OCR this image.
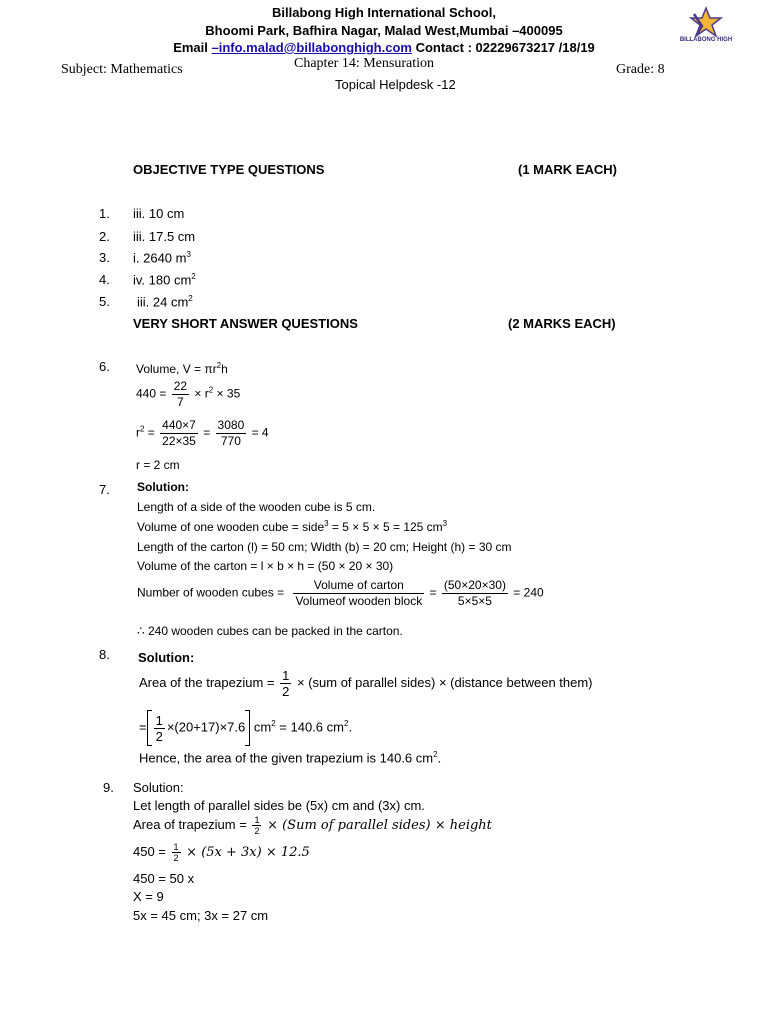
BILLABONG HIGH
Billabong High International School,
Bhoomi Park, Bafhira Nagar, Malad West,Mumbai –400095
Email –info.malad@billabonghigh.com Contact : 02229673217 /18/19
Subject: Mathematics	Chapter 14: Mensuration	Grade: 8
Topical Helpdesk -12
OBJECTIVE TYPE QUESTIONS	(1 MARK EACH)
1. iii. 10 cm
2. iii. 17.5 cm
3. i. 2640 $m^3$
4. iv. 180 $cm^2$
5. iii. 24 $cm^2$
VERY SHORT ANSWER QUESTIONS	(2 MARKS EACH)
6. Volume, $V = \pi r^2h$
$440 = \frac{22}{7} \times r^2 \times 35$
$r^2 = \frac{440\times 7}{22\times 35} = \frac{3080}{770} = 4$
r = 2 cm
7. Solution:
Length of a side of the wooden cube is 5 cm.
Volume of one wooden cube = side$^3$ = 5 × 5 × 5 = 125 $cm^3$
Length of the carton (l) = 50 cm; Width (b) = 20 cm; Height (h) = 30 cm
Volume of the carton = l × b × h = (50 × 20 × 30)
Number of wooden cubes = $\frac{\text{Volume of carton}}{\text{Volumeof wooden block}} = \frac{(50\times 20\times 30)}{5\times 5\times 5} = 240$
∴ 240 wooden cubes can be packed in the carton.
8. Solution:
Area of the trapezium = $\frac{1}{2} \times (sum$ of parallel sides) × (distance between them)
= $\frac{1}{2} \times(20+17)\times 7.6$ $cm^2 = 140.6$ $cm^2$.
Hence, the area of the given trapezium is 140.6 $cm^2$.
9. Solution:
Let length of parallel sides be (5x) cm and (3x) cm.
Area of trapezium = $\frac{1}{2} \times (Sum$ of parallel sides) × height
$450 = \frac{1}{2} \times (5x + 3x) \times 12.5$
450 = 50 x
X = 9
5x = 45 cm; 3x = 27 cm
